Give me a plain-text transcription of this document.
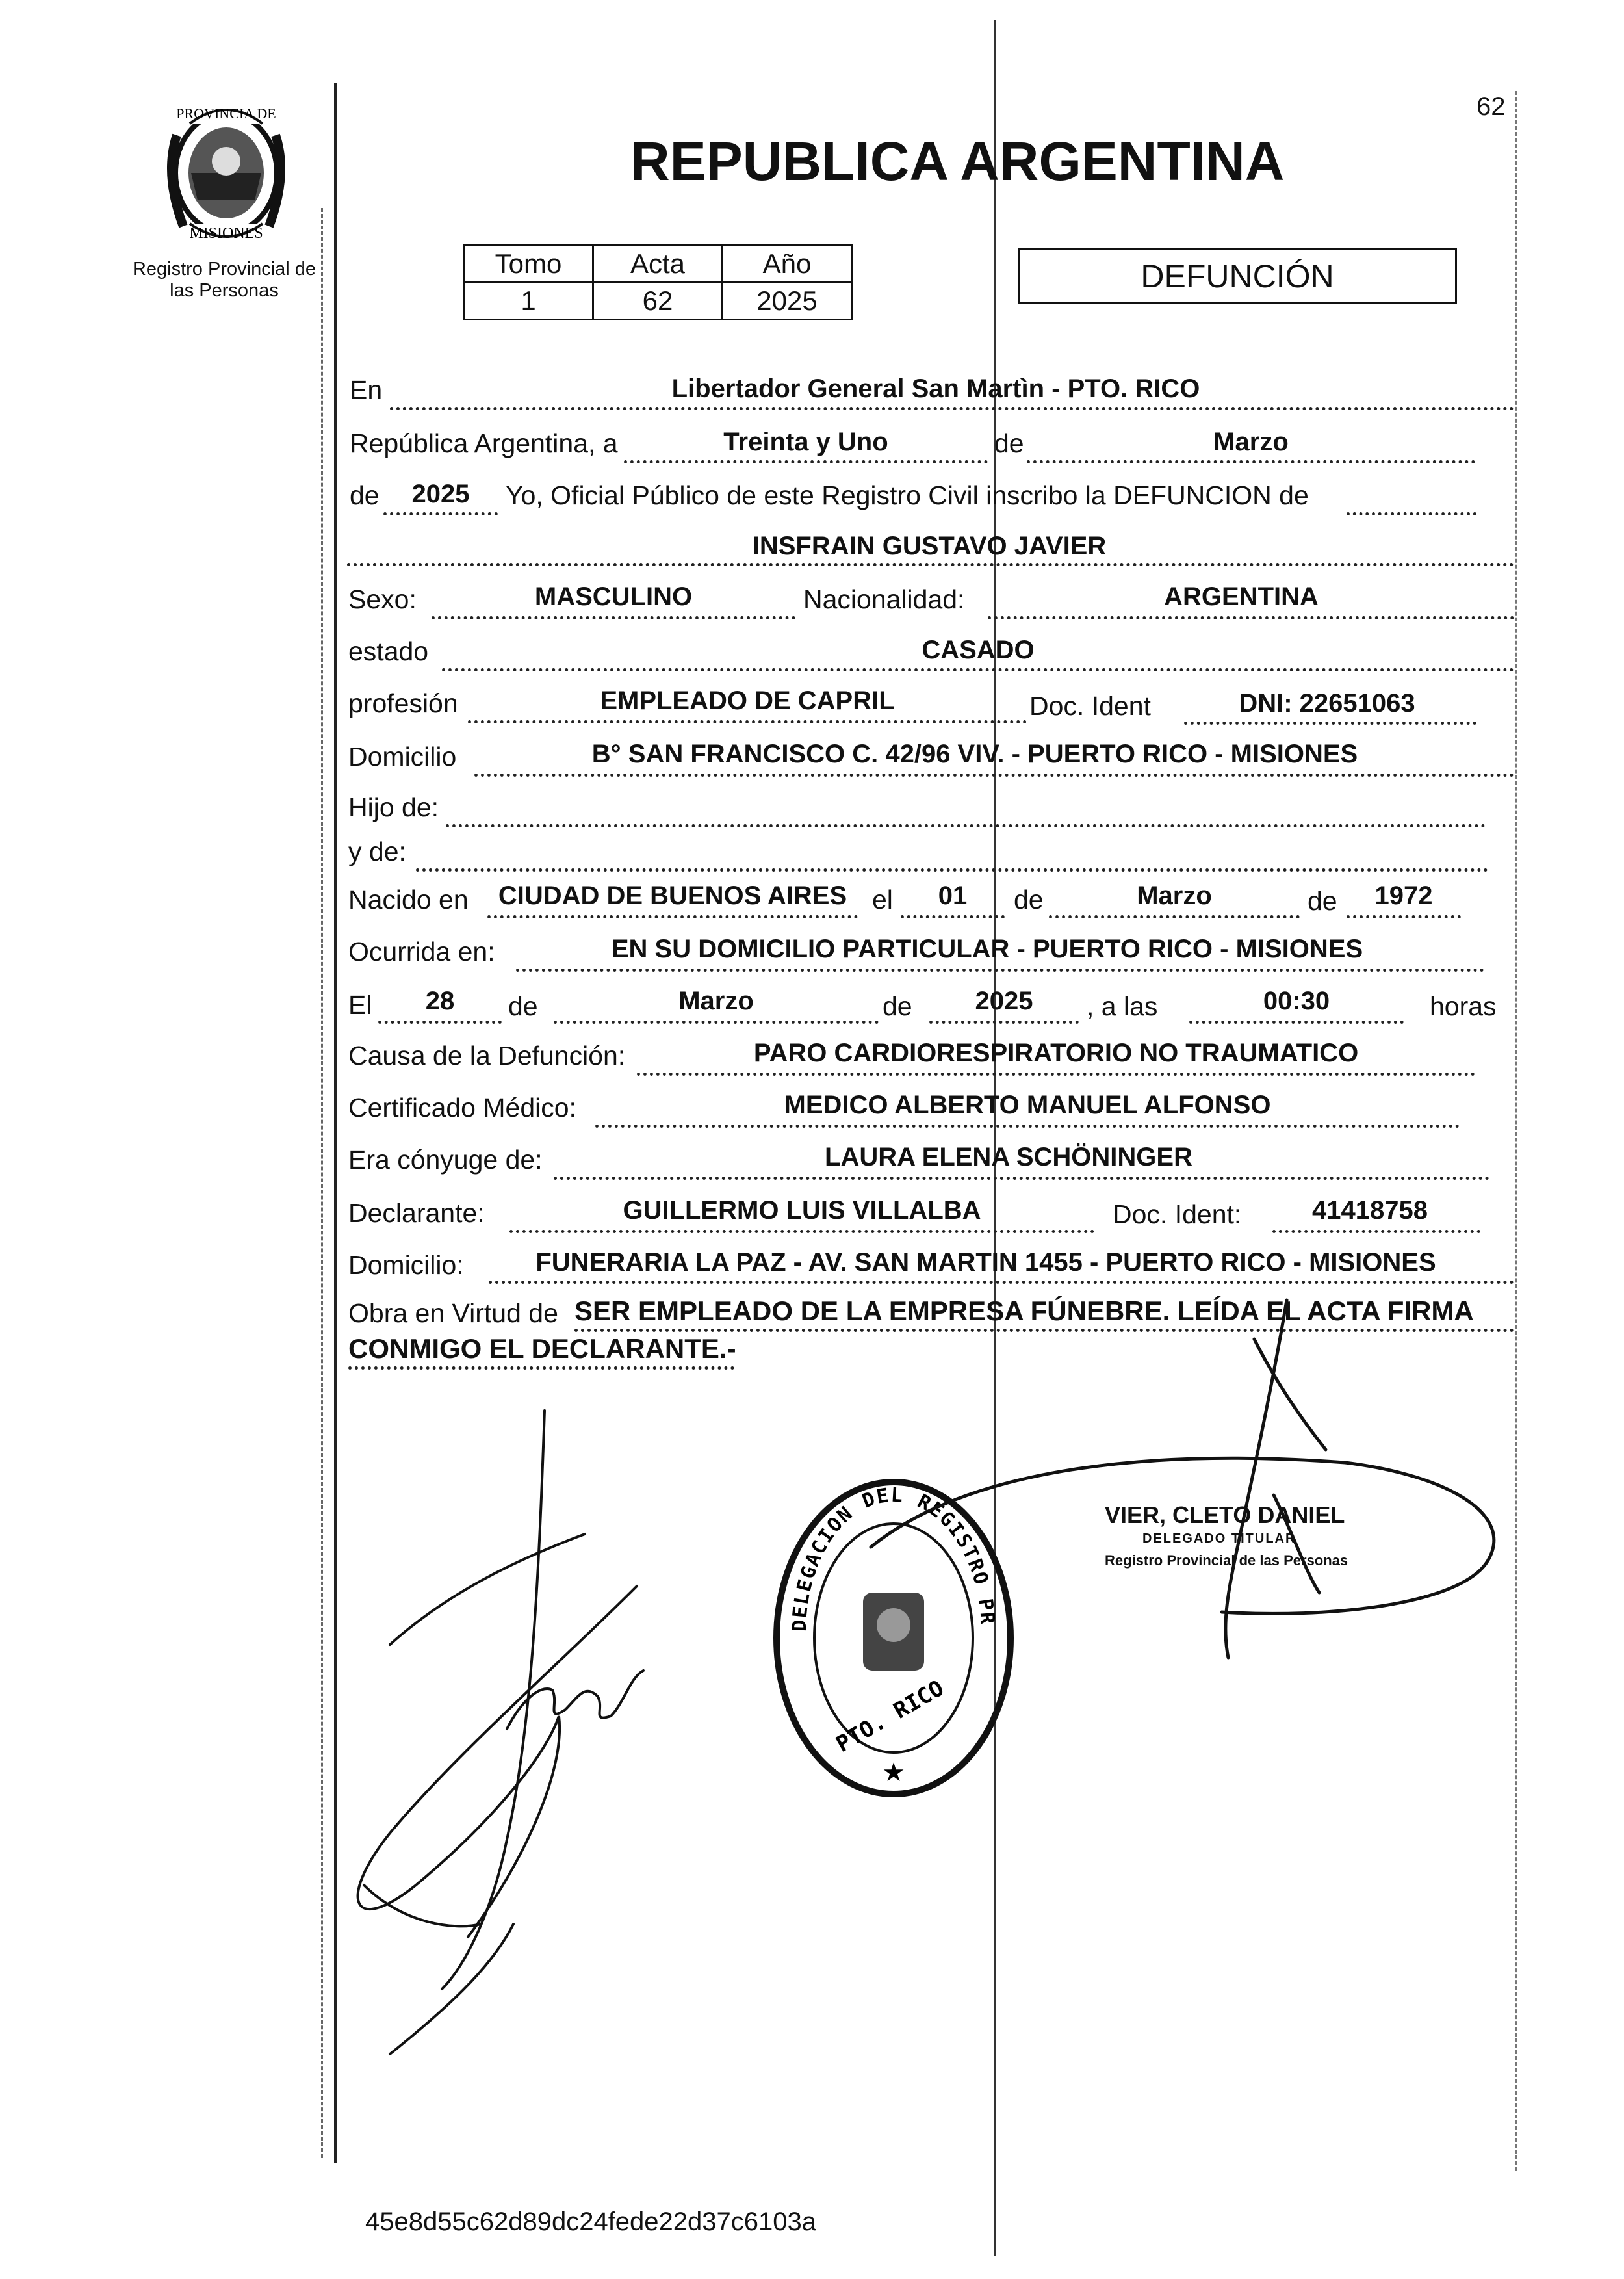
62
PROVINCIA DE
MISIONES
Registro Provincial de las Personas
REPUBLICA ARGENTINA
Tomo	Acta	Año
1	62	2025
DEFUNCIÓN
En	Libertador General San Martìn - PTO. RICO
República Argentina, a	Treinta y Uno	de	Marzo
de	2025	Yo, Oficial Público de este Registro Civil inscribo la DEFUNCION de
INSFRAIN GUSTAVO JAVIER
Sexo:	MASCULINO	Nacionalidad:	ARGENTINA
estado	CASADO
profesión	EMPLEADO DE CAPRIL	Doc. Ident	DNI: 22651063
Domicilio	B° SAN FRANCISCO C. 42/96 VIV. - PUERTO RICO - MISIONES
Hijo de:
y de:
Nacido en	CIUDAD DE BUENOS AIRES el	01	de	Marzo	de	1972
Ocurrida en:	EN SU DOMICILIO PARTICULAR - PUERTO RICO - MISIONES
El	28	de	Marzo	de	2025	, a las	00:30	horas
Causa de la Defunción:	PARO CARDIORESPIRATORIO NO TRAUMATICO
Certificado Médico:	MEDICO ALBERTO MANUEL ALFONSO
Era cónyuge de:	LAURA ELENA SCHÖNINGER
Declarante:	GUILLERMO LUIS VILLALBA	Doc. Ident:	41418758
Domicilio:	FUNERARIA LA PAZ - AV. SAN MARTIN 1455 - PUERTO RICO - MISIONES
Obra en Virtud de SER EMPLEADO DE LA EMPRESA FÚNEBRE. LEÍDA EL ACTA FIRMA
CONMIGO EL DECLARANTE.-
VIER, CLETO DANIEL
DELEGADO TITULAR
Registro Provincial de las Personas
DELEGACION DEL REGISTRO PR
PTO. RICO
★
45e8d55c62d89dc24fede22d37c6103a
